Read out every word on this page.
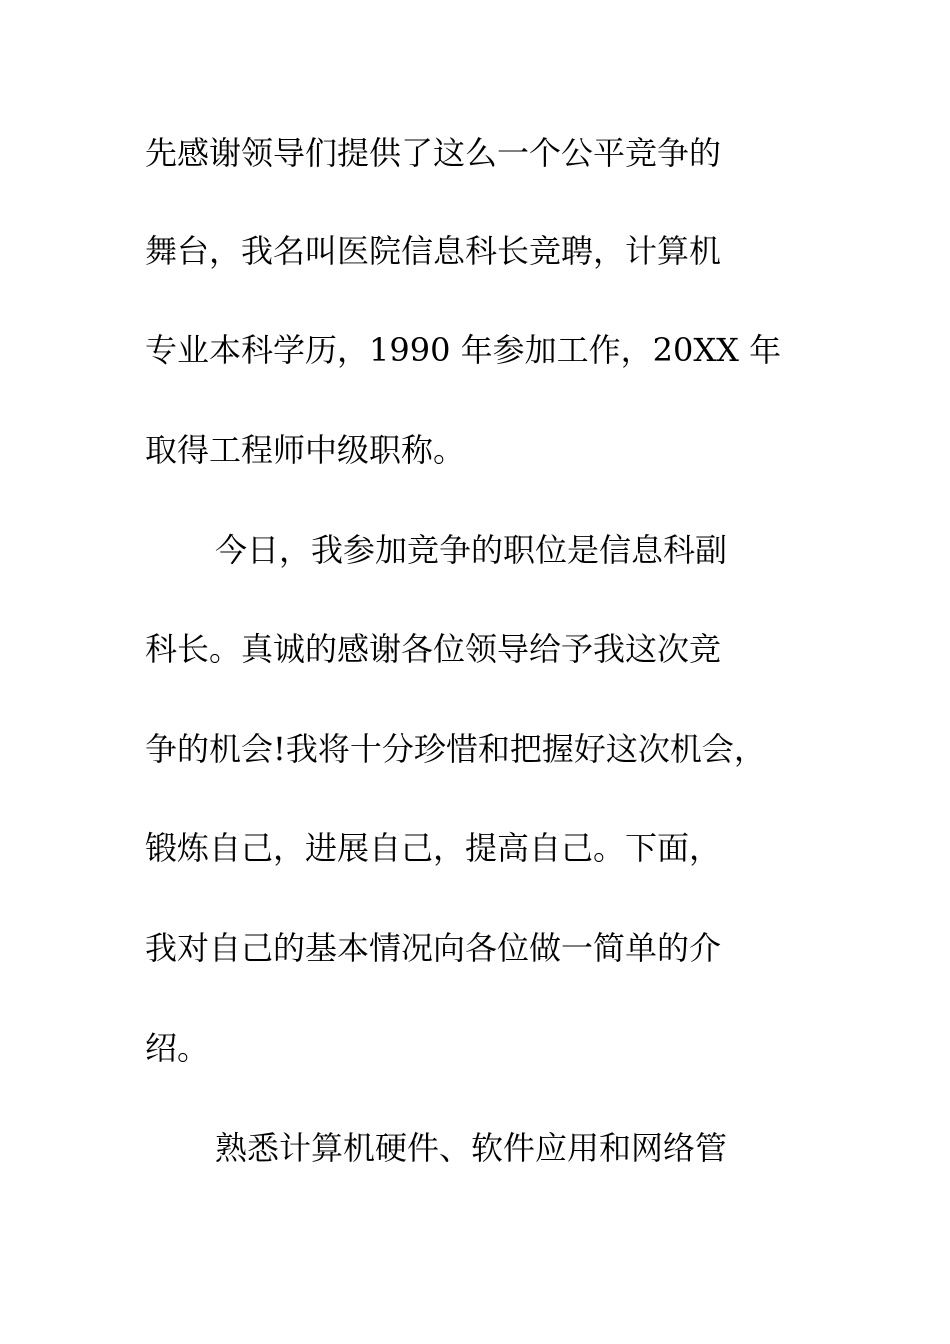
先感谢领导们提供了这么一个公平竞争的

舞台，我名叫医院信息科长竞聘，计算机

专业本科学历，1990 年参加工作，20XX 年

取得工程师中级职称。

今日，我参加竞争的职位是信息科副

科长。真诚的感谢各位领导给予我这次竞

争的机会!我将十分珍惜和把握好这次机会，

锻炼自己，进展自己，提高自己。下面，

我对自己的基本情况向各位做一简单的介

绍。

熟悉计算机硬件、软件应用和网络管
